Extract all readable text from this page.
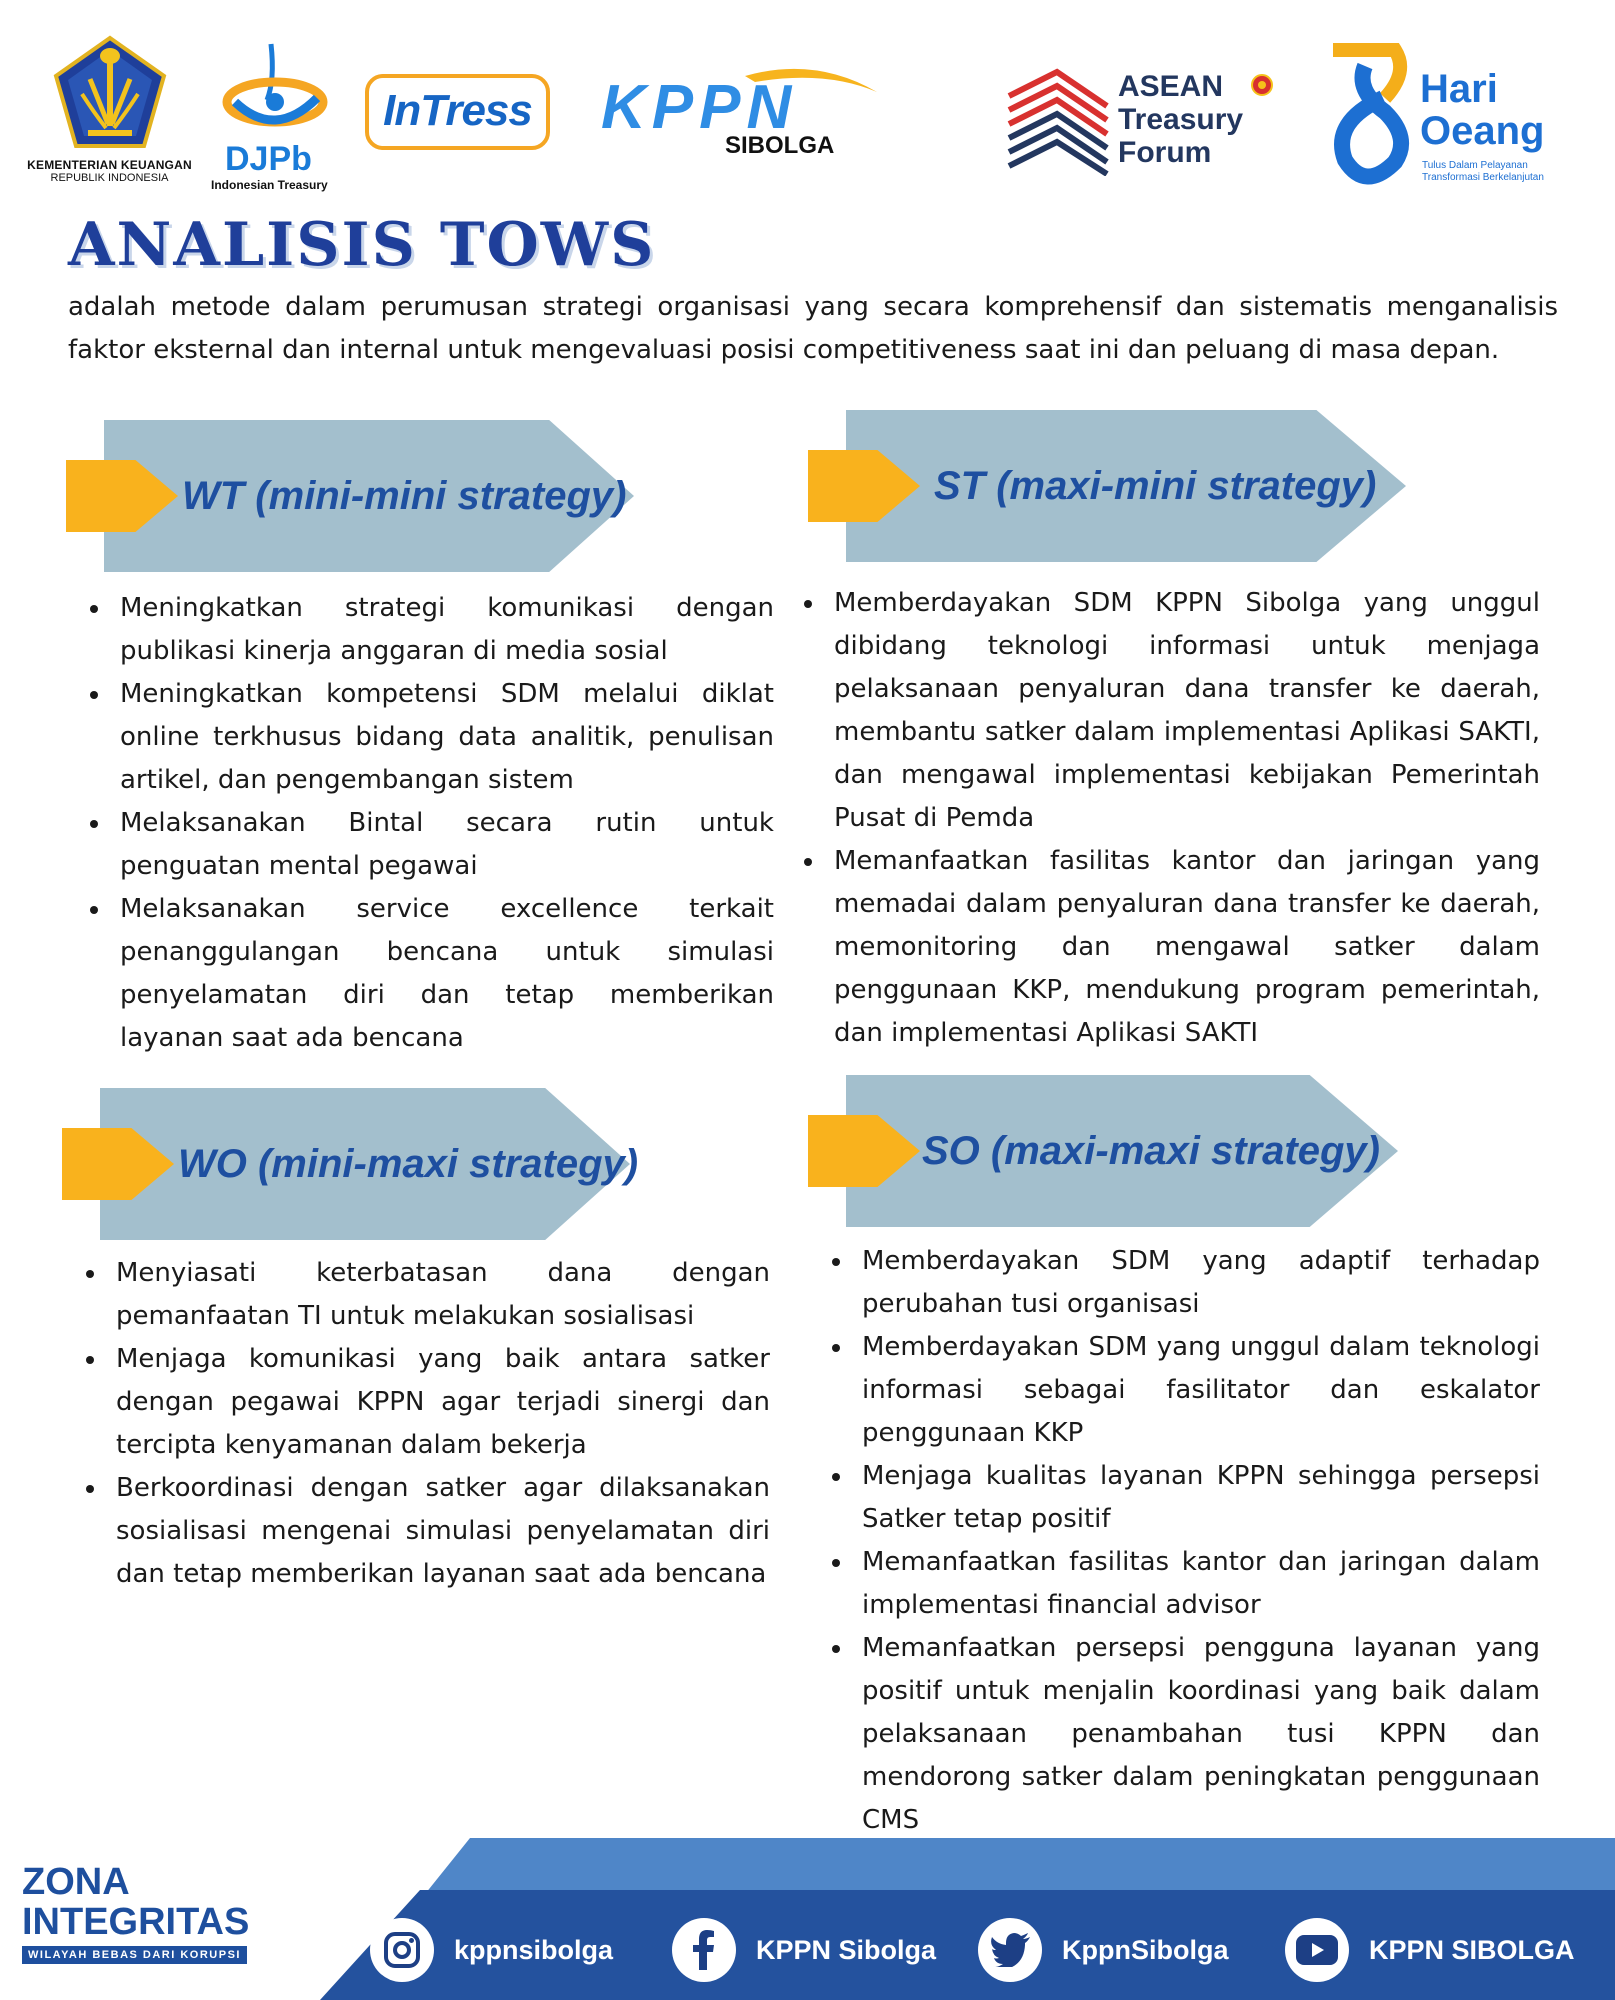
KEMENTERIAN KEUANGAN
REPUBLIK INDONESIA	DJPb
Indonesian Treasury
InTress KPPN
SIBOLGA
ASEAN
Treasury
Forum
Hari
Oeang
Tulus Dalam Pelayanan
Transformasi Berkelanjutan
ANALISIS TOWS

adalah metode dalam perumusan strategi organisasi yang secara komprehensif dan sistematis menganalisis faktor eksternal dan internal untuk mengevaluasi posisi competitiveness saat ini dan peluang di masa depan.

WT (mini-mini strategy)
Meningkatkan strategi komunikasi dengan publikasi kinerja anggaran di media sosial
Meningkatkan kompetensi SDM melalui diklat online terkhusus bidang data analitik, penulisan artikel, dan pengembangan sistem
Melaksanakan Bintal secara rutin untuk penguatan mental pegawai
Melaksanakan service excellence terkait penanggulangan bencana untuk simulasi penyelamatan diri dan tetap memberikan layanan saat ada bencana
ST (maxi-mini strategy)
Memberdayakan SDM KPPN Sibolga yang unggul dibidang teknologi informasi untuk menjaga pelaksanaan penyaluran dana transfer ke daerah, membantu satker dalam implementasi Aplikasi SAKTI, dan mengawal implementasi kebijakan Pemerintah Pusat di Pemda
Memanfaatkan fasilitas kantor dan jaringan yang memadai dalam penyaluran dana transfer ke daerah, memonitoring dan mengawal satker dalam penggunaan KKP, mendukung program pemerintah, dan implementasi Aplikasi SAKTI
WO (mini-maxi strategy)
Menyiasati keterbatasan dana dengan pemanfaatan TI untuk melakukan sosialisasi
Menjaga komunikasi yang baik antara satker dengan pegawai KPPN agar terjadi sinergi dan tercipta kenyamanan dalam bekerja
Berkoordinasi dengan satker agar dilaksanakan sosialisasi mengenai simulasi penyelamatan diri dan tetap memberikan layanan saat ada bencana
SO (maxi-maxi strategy)
Memberdayakan SDM yang adaptif terhadap perubahan tusi organisasi
Memberdayakan SDM yang unggul dalam teknologi informasi sebagai fasilitator dan eskalator penggunaan KKP
Menjaga kualitas layanan KPPN sehingga persepsi Satker tetap positif
Memanfaatkan fasilitas kantor dan jaringan dalam implementasi financial advisor
Memanfaatkan persepsi pengguna layanan yang positif untuk menjalin koordinasi yang baik dalam pelaksanaan penambahan tusi KPPN dan mendorong satker dalam peningkatan penggunaan CMS
ZONA
INTEGRITAS
WILAYAH BEBAS DARI KORUPSI	kppnsibolga	KPPN Sibolga	KppnSibolga	KPPN SIBOLGA
